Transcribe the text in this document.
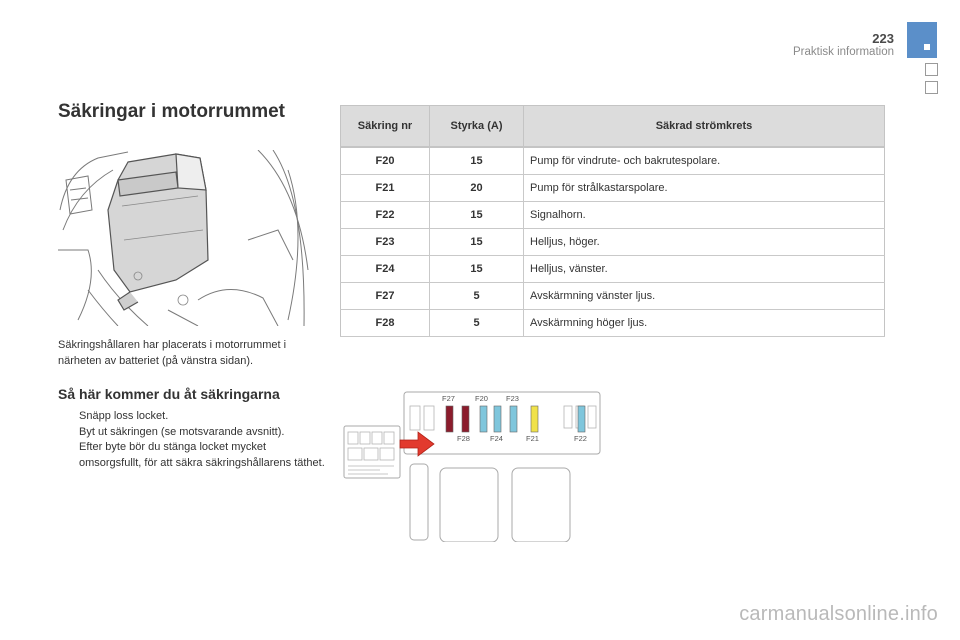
223
Praktisk information
Säkringar i motorrummet

Säkringshållaren har placerats i motorrummet i närheten av batteriet (på vänstra sidan).

Så här kommer du åt säkringarna
Snäpp loss locket.
Byt ut säkringen (se motsvarande avsnitt).
Efter byte bör du stänga locket mycket omsorgsfullt, för att säkra säkringshållarens täthet.
Säkring nr	Styrka (A)	Säkrad strömkrets
F20	15	Pump för vindrute- och bakrutespolare.
F21	20	Pump för strålkastarspolare.
F22	15	Signalhorn.
F23	15	Helljus, höger.
F24	15	Helljus, vänster.
F27	5	Avskärmning vänster ljus.
F28	5	Avskärmning höger ljus.
F27	F20 F23
F28	F24	F21	F22
carmanualsonline.info
